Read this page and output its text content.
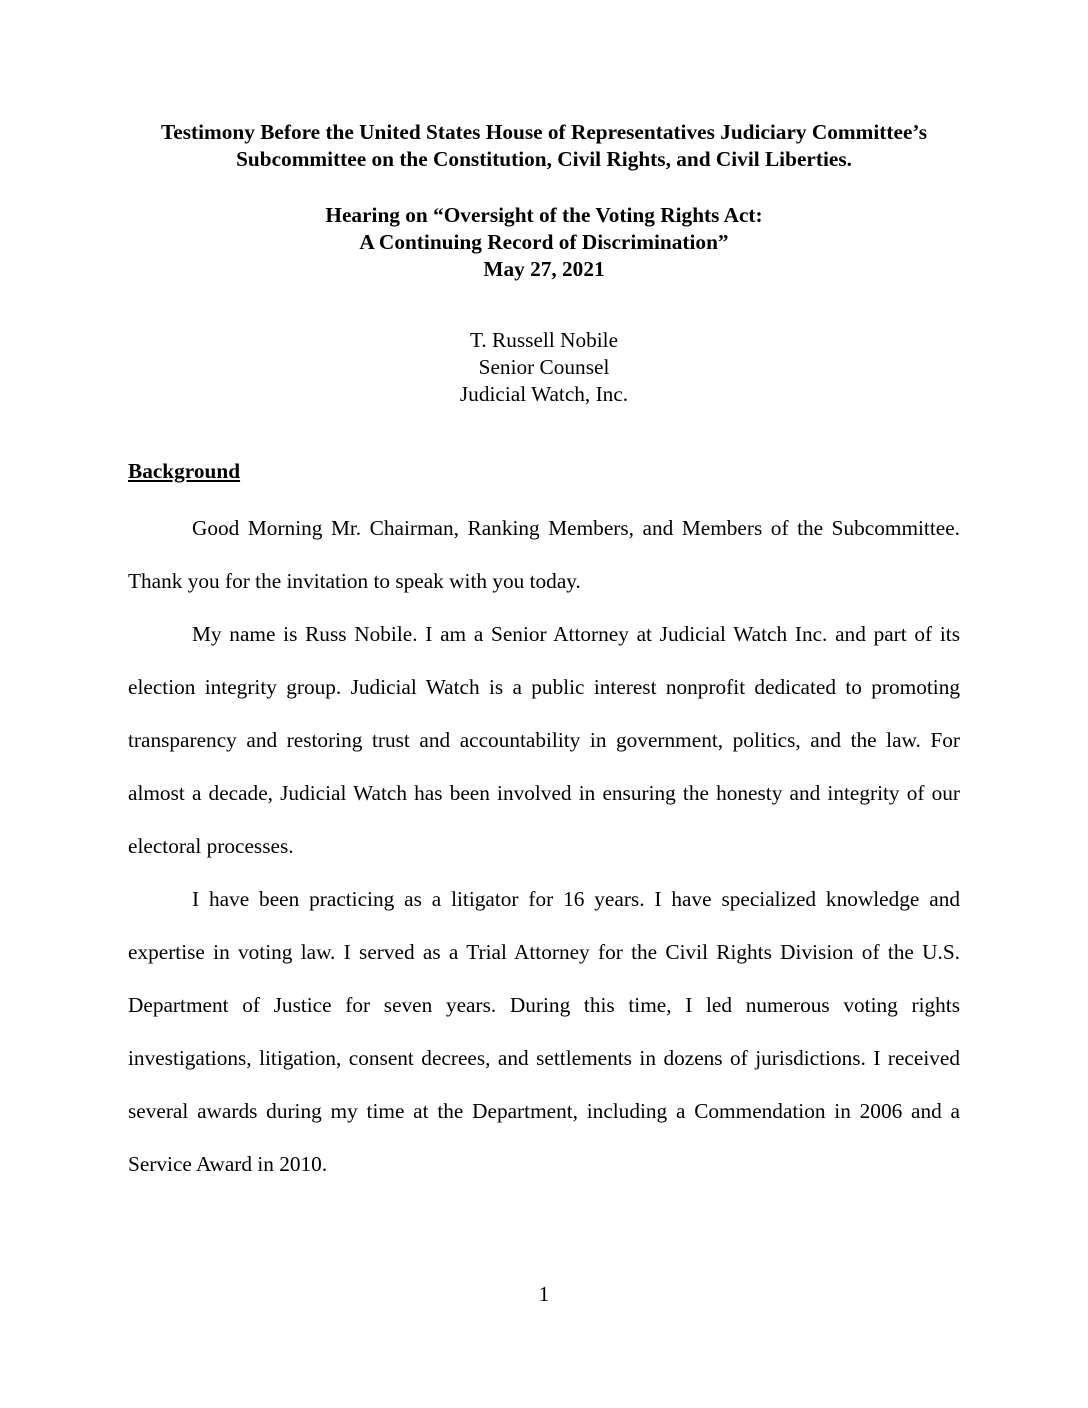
Testimony Before the United States House of Representatives Judiciary Committee’s
Subcommittee on the Constitution, Civil Rights, and Civil Liberties.
Hearing on “Oversight of the Voting Rights Act:
A Continuing Record of Discrimination”
May 27, 2021
T. Russell Nobile
Senior Counsel
Judicial Watch, Inc.
Background

Good Morning Mr. Chairman, Ranking Members, and Members of the Subcommittee. Thank you for the invitation to speak with you today.

My name is Russ Nobile. I am a Senior Attorney at Judicial Watch Inc. and part of its election integrity group. Judicial Watch is a public interest nonprofit dedicated to promoting transparency and restoring trust and accountability in government, politics, and the law. For almost a decade, Judicial Watch has been involved in ensuring the honesty and integrity of our electoral processes.

I have been practicing as a litigator for 16 years. I have specialized knowledge and expertise in voting law. I served as a Trial Attorney for the Civil Rights Division of the U.S. Department of Justice for seven years. During this time, I led numerous voting rights investigations, litigation, consent decrees, and settlements in dozens of jurisdictions. I received several awards during my time at the Department, including a Commendation in 2006 and a Service Award in 2010.

1
